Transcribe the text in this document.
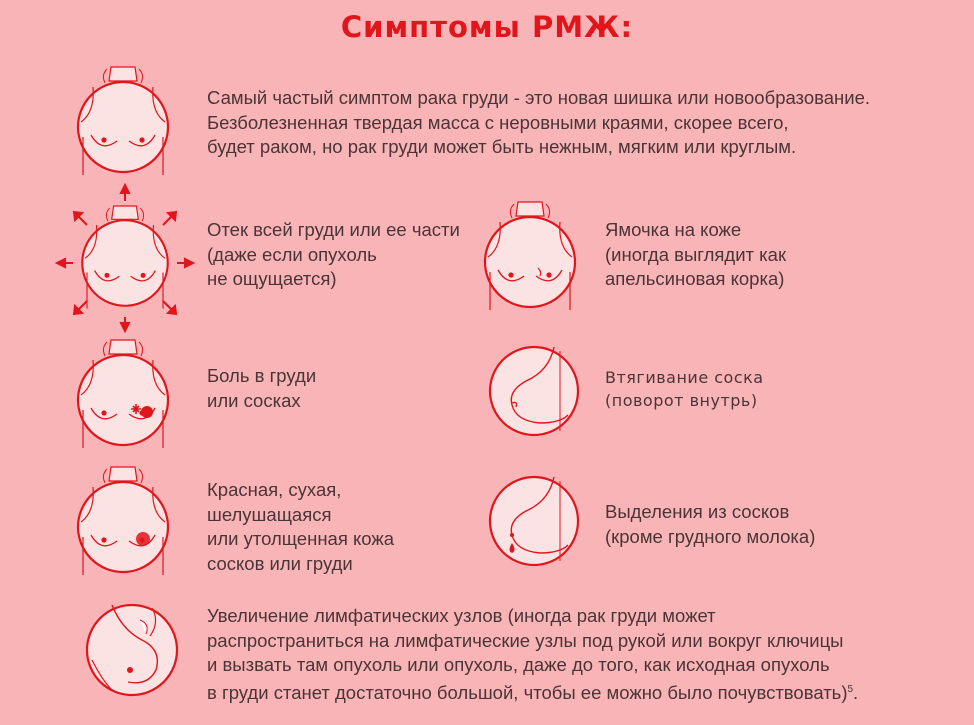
Симптомы РМЖ:
Самый частый симптом рака груди - это новая шишка или новообразование.
Безболезненная твердая масса с неровными краями, скорее всего,
будет раком, но рак груди может быть нежным, мягким или круглым.
Отек всей груди или ее части
(даже если опухоль
не ощущается)
Ямочка на коже
(иногда выглядит как
апельсиновая корка)
Боль в груди
или сосках
Втягивание соска
(поворот внутрь)
Красная, сухая,
шелушащаяся
или утолщенная кожа
сосков или груди
Выделения из сосков
(кроме грудного молока)
Увеличение лимфатических узлов (иногда рак груди может
распространиться на лимфатические узлы под рукой или вокруг ключицы
и вызвать там опухоль или опухоль, даже до того, как исходная опухоль
в груди станет достаточно большой, чтобы ее можно было почувствовать)$^5$.
